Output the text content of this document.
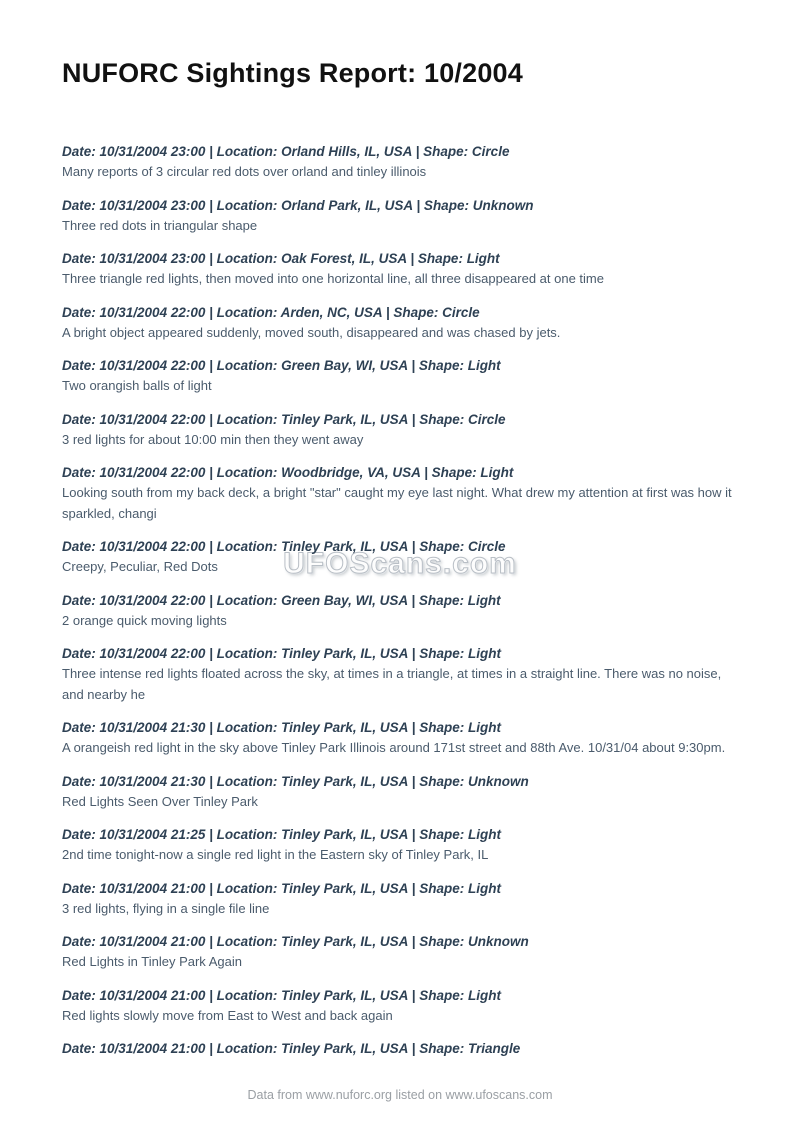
NUFORC Sightings Report: 10/2004
UFOScans.com

Date: 10/31/2004 23:00 | Location: Orland Hills, IL, USA | Shape: Circle

Many reports of 3 circular red dots over orland and tinley illinois

Date: 10/31/2004 23:00 | Location: Orland Park, IL, USA | Shape: Unknown

Three red dots in triangular shape

Date: 10/31/2004 23:00 | Location: Oak Forest, IL, USA | Shape: Light

Three triangle red lights, then moved into one horizontal line, all three disappeared at one time

Date: 10/31/2004 22:00 | Location: Arden, NC, USA | Shape: Circle

A bright object appeared suddenly, moved south, disappeared and was chased by jets.

Date: 10/31/2004 22:00 | Location: Green Bay, WI, USA | Shape: Light

Two orangish balls of light

Date: 10/31/2004 22:00 | Location: Tinley Park, IL, USA | Shape: Circle

3 red lights for about 10:00 min then they went away

Date: 10/31/2004 22:00 | Location: Woodbridge, VA, USA | Shape: Light

Looking south from my back deck, a bright "star" caught my eye last night. What drew my attention at first was how it sparkled, changi

Date: 10/31/2004 22:00 | Location: Tinley Park, IL, USA | Shape: Circle

Creepy, Peculiar, Red Dots

Date: 10/31/2004 22:00 | Location: Green Bay, WI, USA | Shape: Light

2 orange quick moving lights

Date: 10/31/2004 22:00 | Location: Tinley Park, IL, USA | Shape: Light

Three intense red lights floated across the sky, at times in a triangle, at times in a straight line. There was no noise, and nearby he

Date: 10/31/2004 21:30 | Location: Tinley Park, IL, USA | Shape: Light

A orangeish red light in the sky above Tinley Park Illinois around 171st street and 88th Ave. 10/31/04 about 9:30pm.

Date: 10/31/2004 21:30 | Location: Tinley Park, IL, USA | Shape: Unknown

Red Lights Seen Over Tinley Park

Date: 10/31/2004 21:25 | Location: Tinley Park, IL, USA | Shape: Light

2nd time tonight-now a single red light in the Eastern sky of Tinley Park, IL

Date: 10/31/2004 21:00 | Location: Tinley Park, IL, USA | Shape: Light

3 red lights, flying in a single file line

Date: 10/31/2004 21:00 | Location: Tinley Park, IL, USA | Shape: Unknown

Red Lights in Tinley Park Again

Date: 10/31/2004 21:00 | Location: Tinley Park, IL, USA | Shape: Light

Red lights slowly move from East to West and back again

Date: 10/31/2004 21:00 | Location: Tinley Park, IL, USA | Shape: Triangle

Data from www.nuforc.org listed on www.ufoscans.com
